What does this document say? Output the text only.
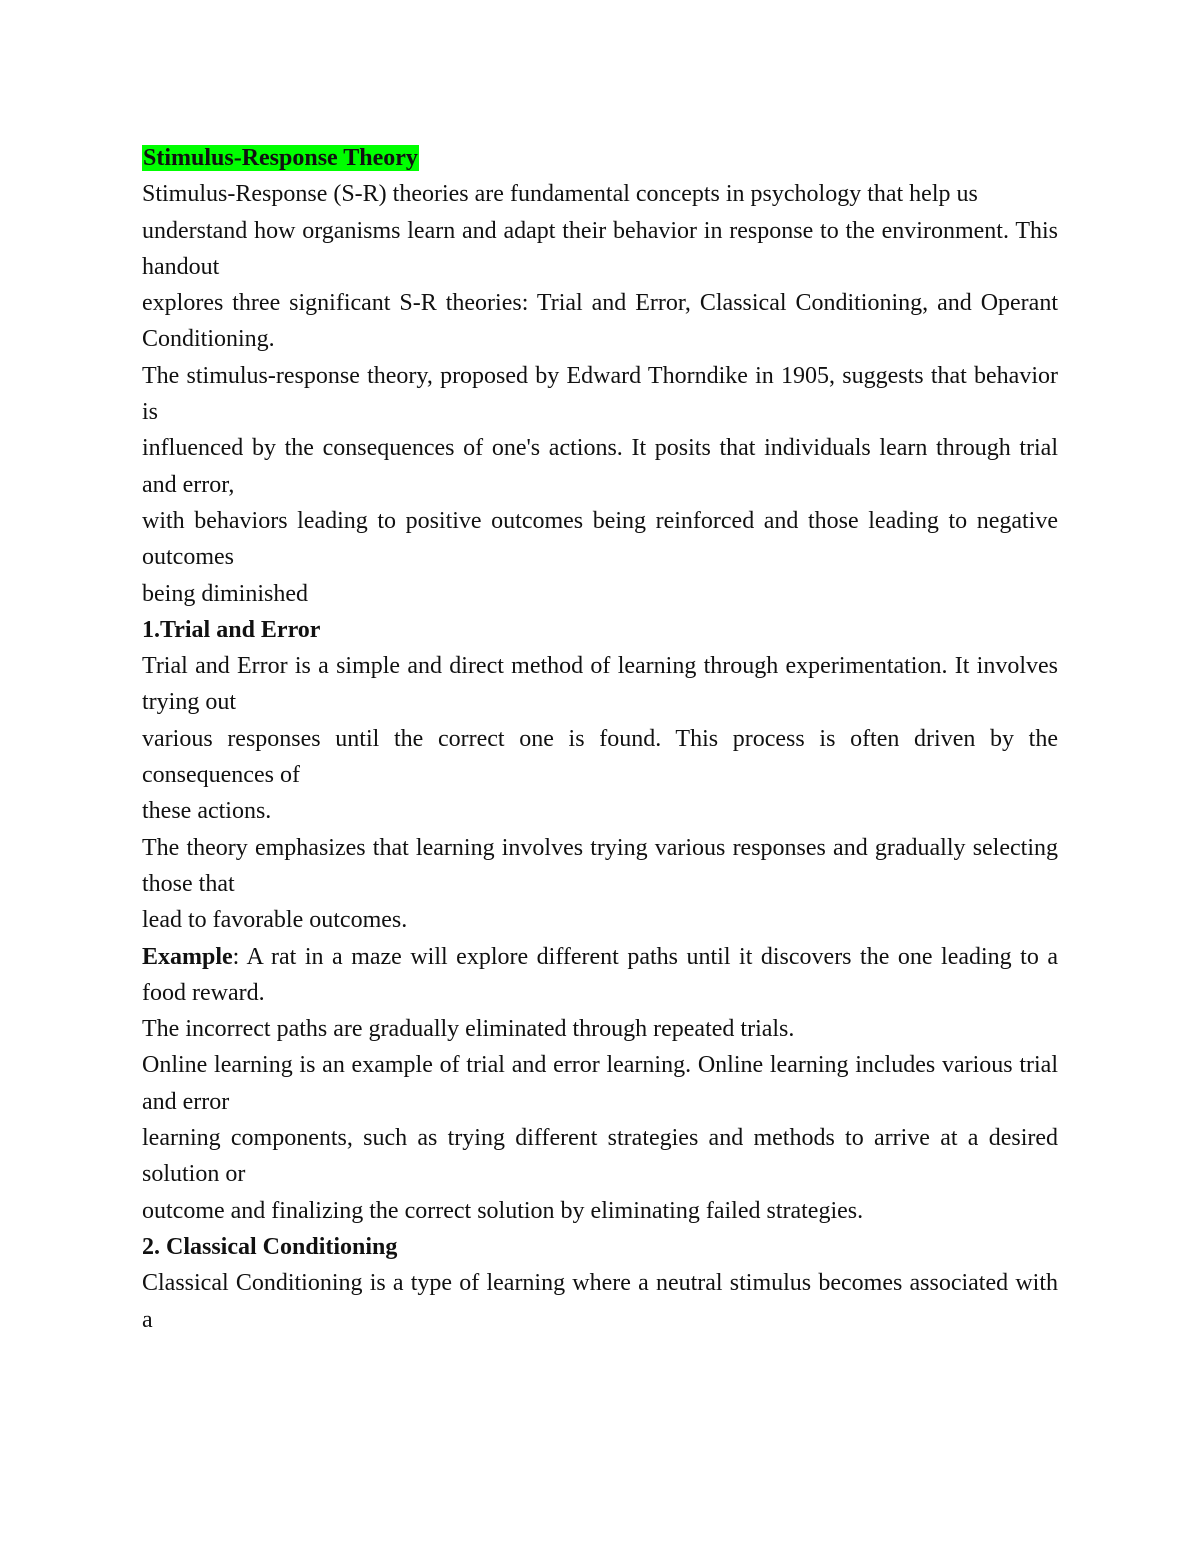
Stimulus-Response Theory

Stimulus-Response (S-R) theories are fundamental concepts in psychology that help us

understand how organisms learn and adapt their behavior in response to the environment. This handout

explores three significant S-R theories: Trial and Error, Classical Conditioning, and Operant Conditioning.

The stimulus-response theory, proposed by Edward Thorndike in 1905, suggests that behavior is

influenced by the consequences of one's actions. It posits that individuals learn through trial and error,

with behaviors leading to positive outcomes being reinforced and those leading to negative outcomes

being diminished

1.Trial and Error

Trial and Error is a simple and direct method of learning through experimentation. It involves trying out

various responses until the correct one is found. This process is often driven by the consequences of

these actions.

The theory emphasizes that learning involves trying various responses and gradually selecting those that

lead to favorable outcomes.

Example: A rat in a maze will explore different paths until it discovers the one leading to a food reward.

The incorrect paths are gradually eliminated through repeated trials.

Online learning is an example of trial and error learning. Online learning includes various trial and error

learning components, such as trying different strategies and methods to arrive at a desired solution or

outcome and finalizing the correct solution by eliminating failed strategies.

2. Classical Conditioning

Classical Conditioning is a type of learning where a neutral stimulus becomes associated with a
